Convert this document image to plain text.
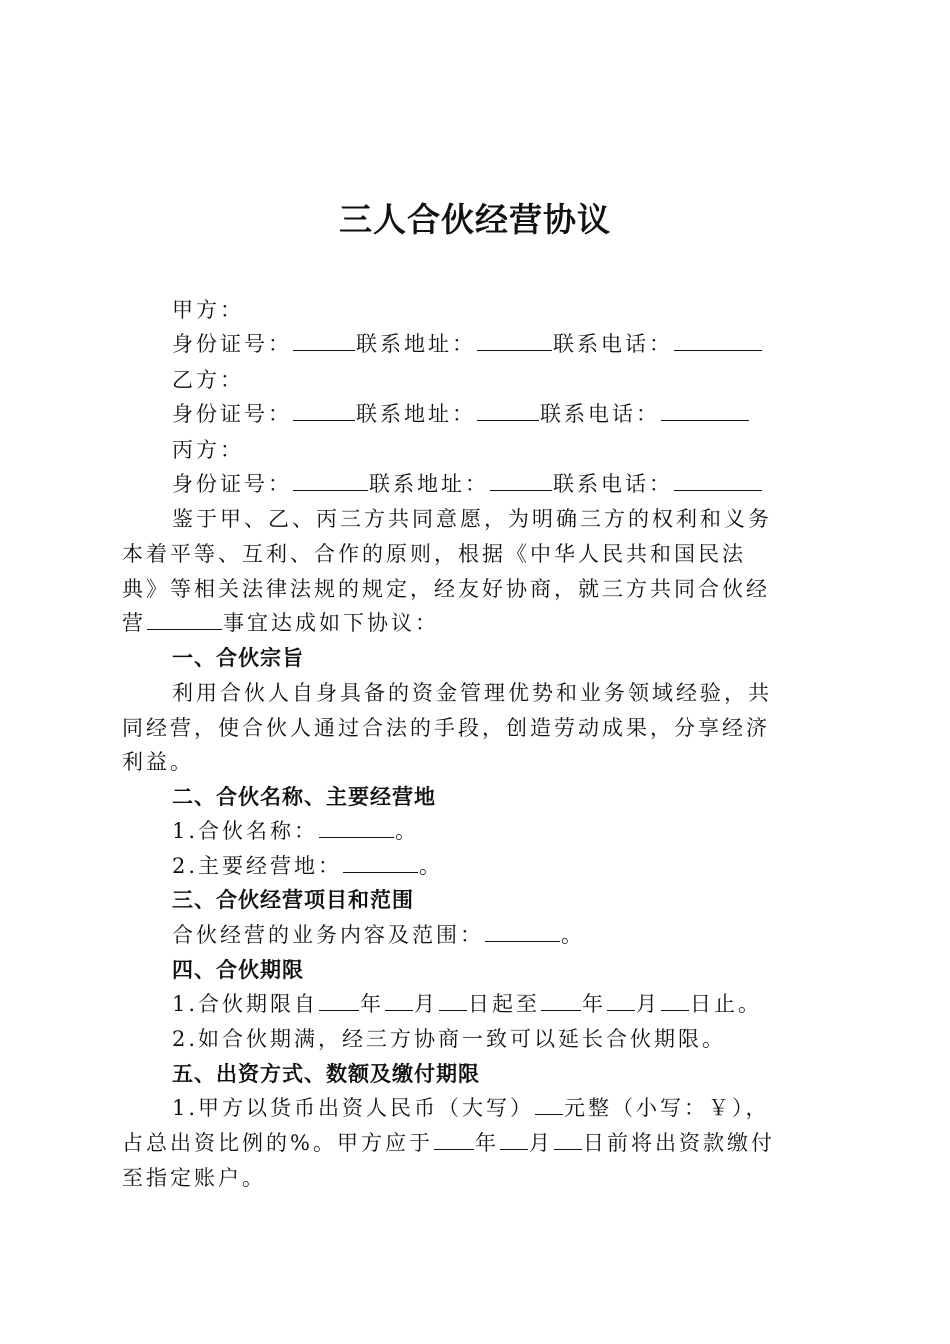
三人合伙经营协议
甲方：
身份证号：	联系地址：	联系电话：
乙方：
身份证号：	联系地址：	联系电话：
丙方：
身份证号：	联系地址：	联系电话：
鉴于甲、乙、丙三方共同意愿，为明确三方的权利和义务
本着平等、互利、合作的原则，根据《中华人民共和国民法
典》等相关法律法规的规定，经友好协商，就三方共同合伙经
营	事宜达成如下协议：
一、合伙宗旨
利用合伙人自身具备的资金管理优势和业务领域经验，共
同经营，使合伙人通过合法的手段，创造劳动成果，分享经济
利益。
二、合伙名称、主要经营地
1.合伙名称：	。
2.主要经营地：	。
三、合伙经营项目和范围
合伙经营的业务内容及范围：	。
四、合伙期限
1.合伙期限自 年 月 日起至 年 月 日止。
2.如合伙期满，经三方协商一致可以延长合伙期限。
五、出资方式、数额及缴付期限
1.甲方以货币出资人民币（大写） 元整（小写：￥），
占总出资比例的%。甲方应于 年 月 日前将出资款缴付
至指定账户。
